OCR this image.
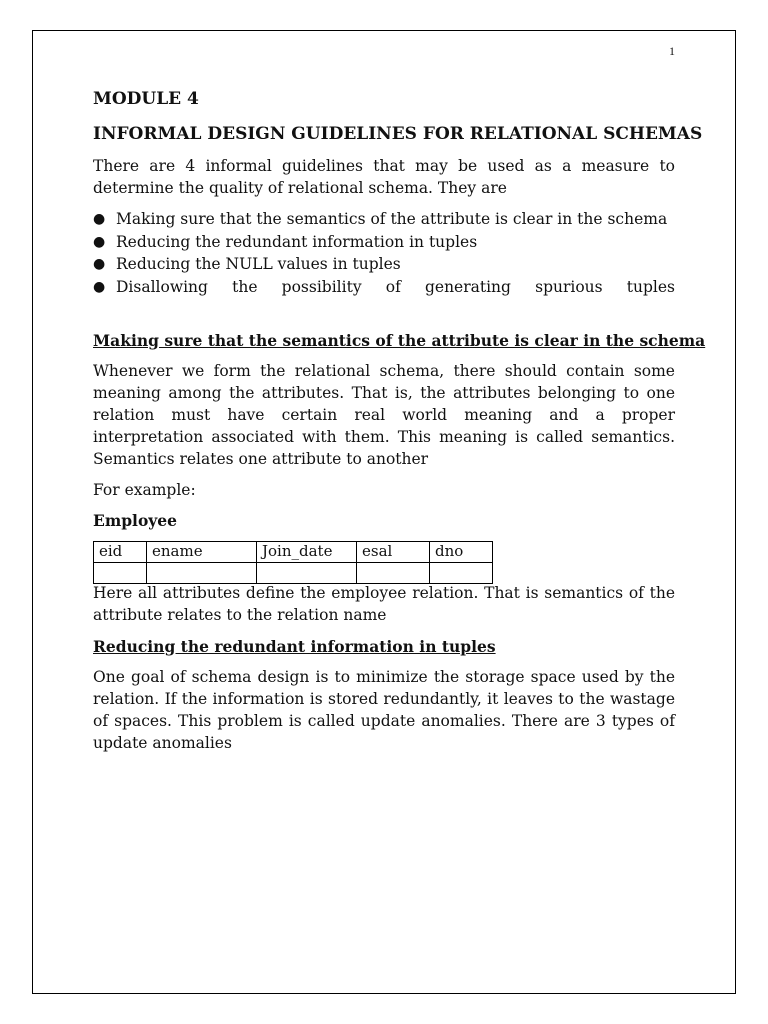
1
MODULE 4
INFORMAL DESIGN GUIDELINES FOR RELATIONAL SCHEMAS

There are 4 informal guidelines that may be used as a measure to determine the quality of relational schema. They are

● Making sure that the semantics of the attribute is clear in the schema
● Reducing the redundant information in tuples
● Reducing the NULL values in tuples
● Disallowing the possibility of generating spurious tuples
Making sure that the semantics of the attribute is clear in the schema

Whenever we form the relational schema, there should contain some meaning among the attributes. That is, the attributes belonging to one relation must have certain real world meaning and a proper interpretation associated with them. This meaning is called semantics. Semantics relates one attribute to another

For example:
Employee
eid	ename	Join_date	esal	dno

Here all attributes define the employee relation. That is semantics of the attribute relates to the relation name

Reducing the redundant information in tuples

One goal of schema design is to minimize the storage space used by the relation. If the information is stored redundantly, it leaves to the wastage of spaces. This problem is called update anomalies. There are 3 types of update anomalies
